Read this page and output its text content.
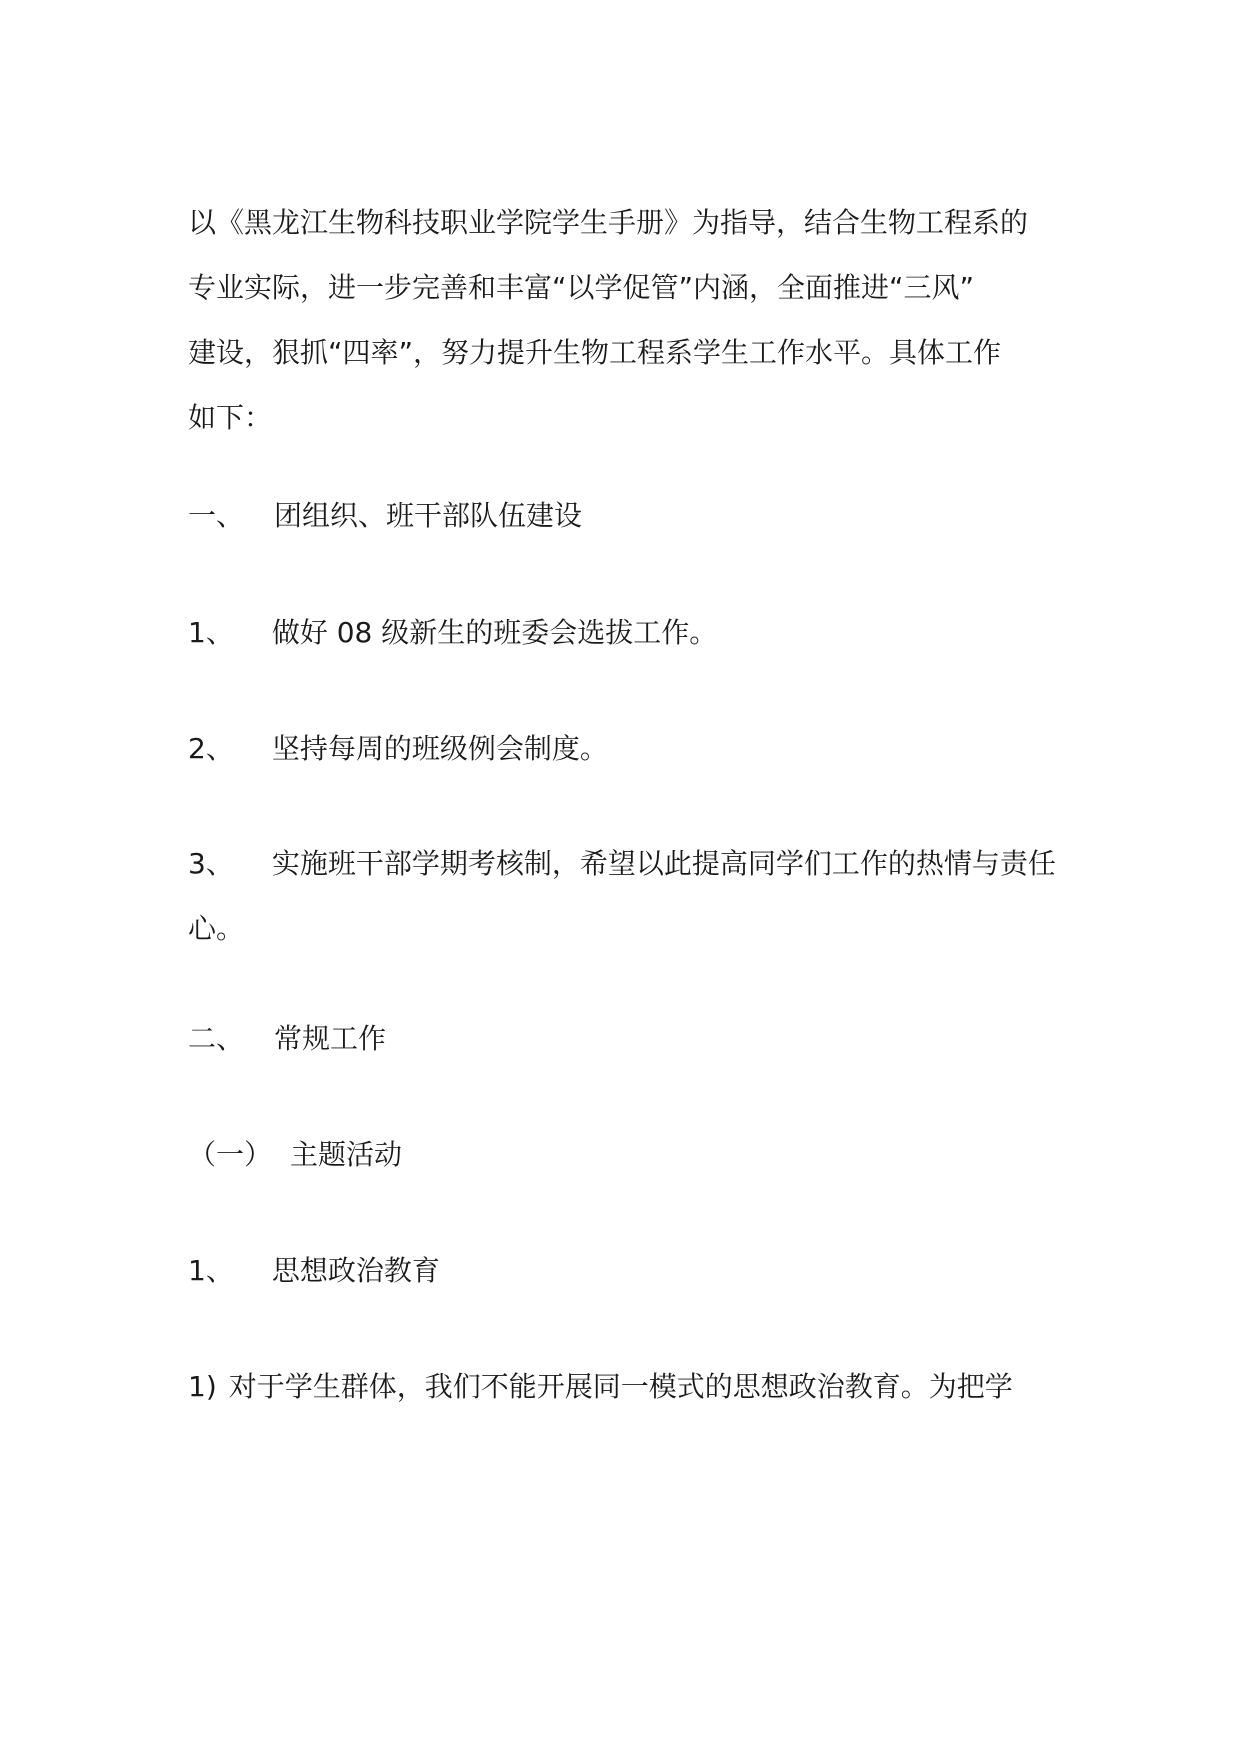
以《黑龙江生物科技职业学院学生手册》为指导，结合生物工程系的
专业实际，进一步完善和丰富“以学促管”内涵，全面推进“三风”
建设，狠抓“四率”，努力提升生物工程系学生工作水平。具体工作
如下：

一、 团组织、班干部队伍建设

1、 做好 08 级新生的班委会选拔工作。

2、 坚持每周的班级例会制度。

3、 实施班干部学期考核制，希望以此提高同学们工作的热情与责任
心。

二、 常规工作

（一） 主题活动

1、 思想政治教育

1) 对于学生群体，我们不能开展同一模式的思想政治教育。为把学
